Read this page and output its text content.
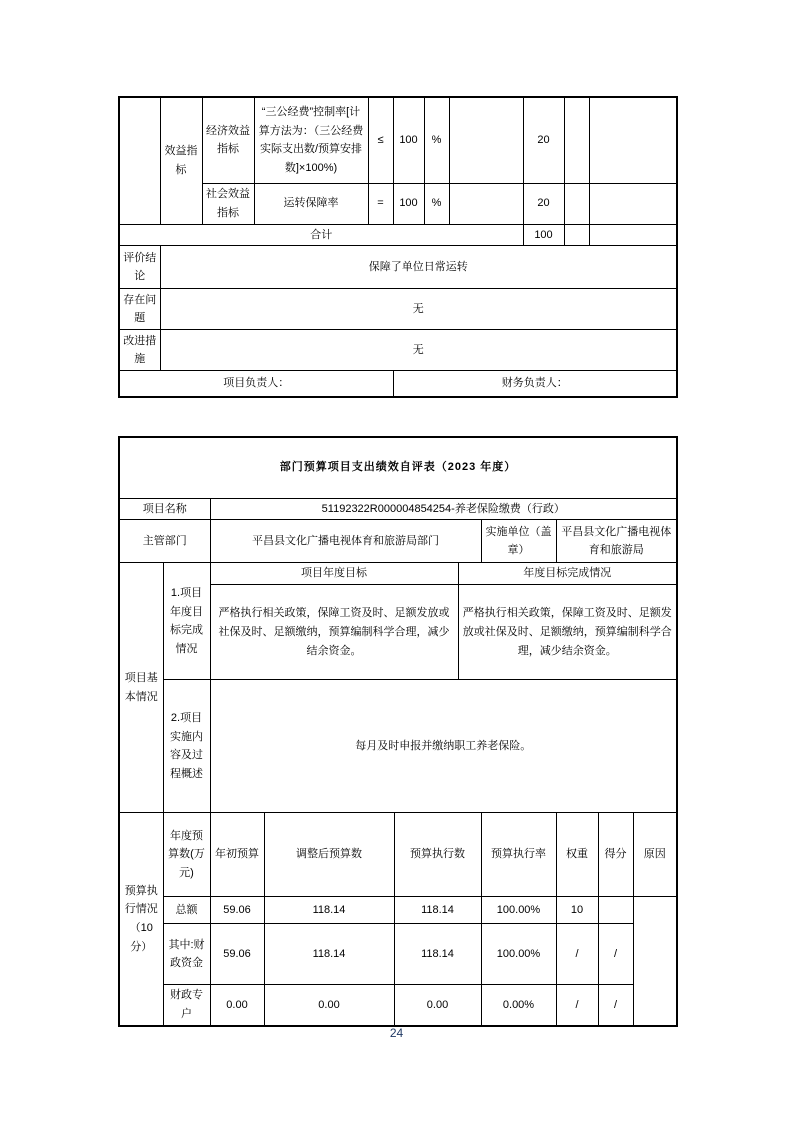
	效益指标	经济效益指标	“三公经费”控制率[计算方法为：（三公经费实际支出数/预算安排数]×100%)	≤	100	%		20		
		社会效益指标	运转保障率	=	100	%		20		
合计								100		
评价结论	保障了单位日常运转									
存在问题	无									
改进措施	无									
项目负责人：					财务负责人：					
部门预算项目支出绩效自评表（2023 年度）									
项目名称		51192322R000004854254-养老保险缴费（行政）							
主管部门		平昌县文化广播电视体育和旅游局部门				实施单位（盖章）	平昌县文化广播电视体育和旅游局		
项目基本情况	1.项目年度目标完成情况	项目年度目标			年度目标完成情况				
		严格执行相关政策，保障工资及时、足额发放或社保及时、足额缴纳，预算编制科学合理，减少结余资金。			严格执行相关政策，保障工资及时、足额发放或社保及时、足额缴纳，预算编制科学合理，减少结余资金。				
	2.项目实施内容及过程概述	每月及时申报并缴纳职工养老保险。							
预算执行情况（10分）	年度预算数(万元)	年初预算	调整后预算数	预算执行数		预算执行率	权重	得分	原因
	总额	59.06	118.14	118.14		100.00%	10		
	其中:财政资金	59.06	118.14	118.14		100.00%	/	/	
	财政专户	0.00	0.00	0.00		0.00%	/	/	
24
